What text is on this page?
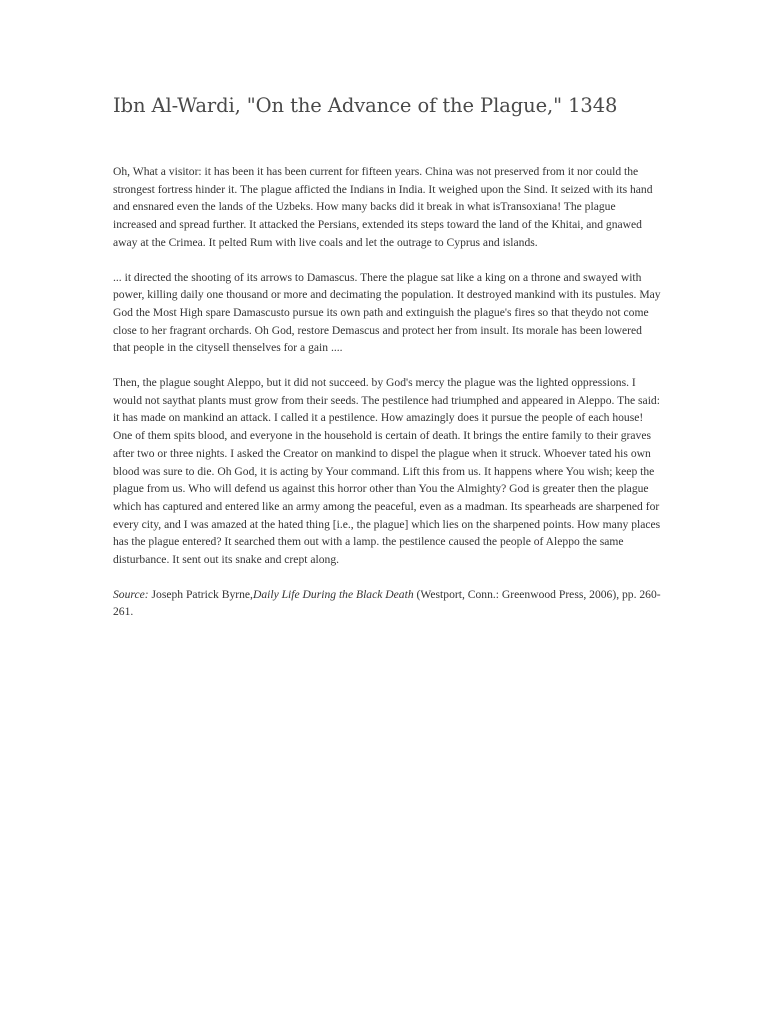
Ibn Al-Wardi, "On the Advance of the Plague," 1348

Oh, What a visitor: it has been it has been current for fifteen years. China was not preserved from it nor could the strongest fortress hinder it. The plague afficted the Indians in India. It weighed upon the Sind. It seized with its hand and ensnared even the lands of the Uzbeks. How many backs did it break in what isTransoxiana! The plague increased and spread further. It attacked the Persians, extended its steps toward the land of the Khitai, and gnawed away at the Crimea. It pelted Rum with live coals and let the outrage to Cyprus and islands.

... it directed the shooting of its arrows to Damascus. There the plague sat like a king on a throne and swayed with power, killing daily one thousand or more and decimating the population. It destroyed mankind with its pustules. May God the Most High spare Damascusto pursue its own path and extinguish the plague's fires so that theydo not come close to her fragrant orchards. Oh God, restore Demascus and protect her from insult. Its morale has been lowered that people in the citysell thenselves for a gain ....

Then, the plague sought Aleppo, but it did not succeed. by God's mercy the plague was the lighted oppressions. I would not saythat plants must grow from their seeds. The pestilence had triumphed and appeared in Aleppo. The said: it has made on mankind an attack. I called it a pestilence. How amazingly does it pursue the people of each house! One of them spits blood, and everyone in the household is certain of death. It brings the entire family to their graves after two or three nights. I asked the Creator on mankind to dispel the plague when it struck. Whoever tated his own blood was sure to die. Oh God, it is acting by Your command. Lift this from us. It happens where You wish; keep the plague from us. Who will defend us against this horror other than You the Almighty? God is greater then the plague which has captured and entered like an army among the peaceful, even as a madman. Its spearheads are sharpened for every city, and I was amazed at the hated thing [i.e., the plague] which lies on the sharpened points. How many places has the plague entered? It searched them out with a lamp. the pestilence caused the people of Aleppo the same disturbance. It sent out its snake and crept along.

Source: Joseph Patrick Byrne,Daily Life During the Black Death (Westport, Conn.: Greenwood Press, 2006), pp. 260-261.
